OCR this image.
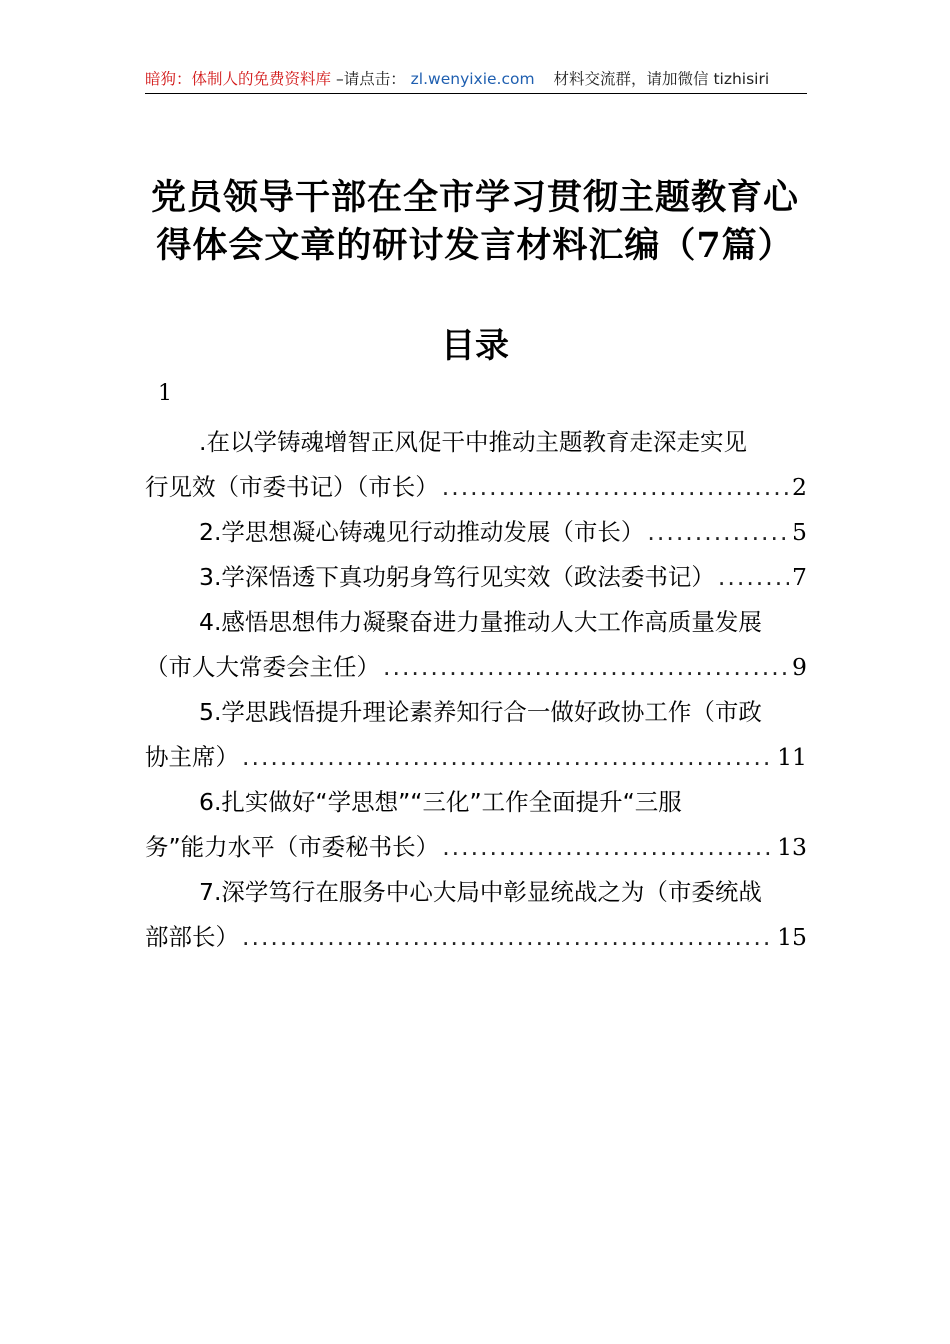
暗狗：体制人的免费资料库 –请点击： zl.wenyixie.com 材料交流群，请加微信 tizhisiri
党员领导干部在全市学习贯彻主题教育心
得体会文章的研讨发言材料汇编（7篇）
目录
1
.在以学铸魂增智正风促干中推动主题教育走深走实见
行见效（市委书记）（市长） .....	2
2.学思想凝心铸魂见行动推动发展（市长） .....	5
3.学深悟透下真功躬身笃行见实效（政法委书记） .....	7
4.感悟思想伟力凝聚奋进力量推动人大工作高质量发展
（市人大常委会主任） .....	9
5.学思践悟提升理论素养知行合一做好政协工作（市政
协主席） .....	11
6.扎实做好“学思想”“三化”工作全面提升“三服
务”能力水平（市委秘书长） .....	13
7.深学笃行在服务中心大局中彰显统战之为（市委统战
部部长） .....	15
